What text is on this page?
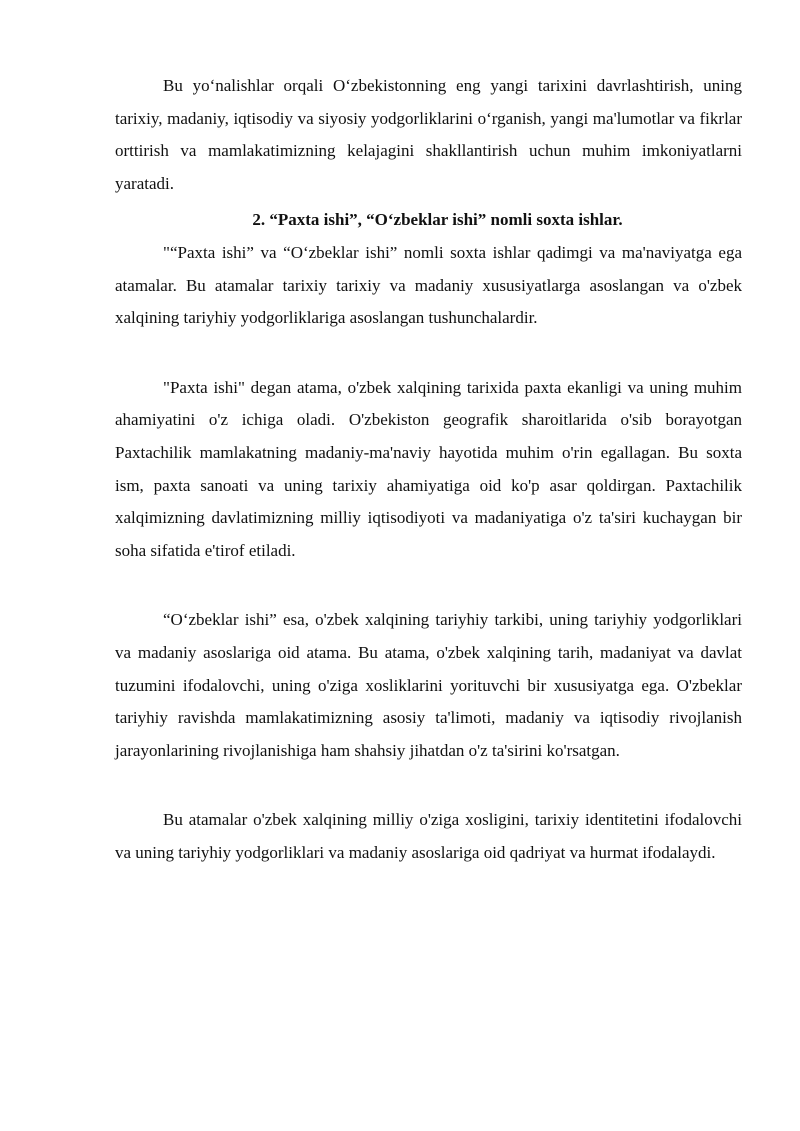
Bu yo‘nalishlar orqali O‘zbekistonning eng yangi tarixini davrlashtirish, uning tarixiy, madaniy, iqtisodiy va siyosiy yodgorliklarini o‘rganish, yangi ma'lumotlar va fikrlar orttirish va mamlakatimizning kelajagini shakllantirish uchun muhim imkoniyatlarni yaratadi.

2. “Paxta ishi”, “O‘zbeklar ishi” nomli soxta ishlar.

"“Paxta ishi” va “O‘zbeklar ishi” nomli soxta ishlar qadimgi va ma'naviyatga ega atamalar. Bu atamalar tarixiy tarixiy va madaniy xususiyatlarga asoslangan va o'zbek xalqining tariyhiy yodgorliklariga asoslangan tushunchalardir.

"Paxta ishi" degan atama, o'zbek xalqining tarixida paxta ekanligi va uning muhim ahamiyatini o'z ichiga oladi. O'zbekiston geografik sharoitlarida o'sib borayotgan Paxtachilik mamlakatning madaniy-ma'naviy hayotida muhim o'rin egallagan. Bu soxta ism, paxta sanoati va uning tarixiy ahamiyatiga oid ko'p asar qoldirgan. Paxtachilik xalqimizning davlatimizning milliy iqtisodiyoti va madaniyatiga o'z ta'siri kuchaygan bir soha sifatida e'tirof etiladi.

“O‘zbeklar ishi” esa, o'zbek xalqining tariyhiy tarkibi, uning tariyhiy yodgorliklari va madaniy asoslariga oid atama. Bu atama, o'zbek xalqining tarih, madaniyat va davlat tuzumini ifodalovchi, uning o'ziga xosliklarini yorituvchi bir xususiyatga ega. O'zbeklar tariyhiy ravishda mamlakatimizning asosiy ta'limoti, madaniy va iqtisodiy rivojlanish jarayonlarining rivojlanishiga ham shahsiy jihatdan o'z ta'sirini ko'rsatgan.

Bu atamalar o'zbek xalqining milliy o'ziga xosligini, tarixiy identitetini ifodalovchi va uning tariyhiy yodgorliklari va madaniy asoslariga oid qadriyat va hurmat ifodalaydi.
